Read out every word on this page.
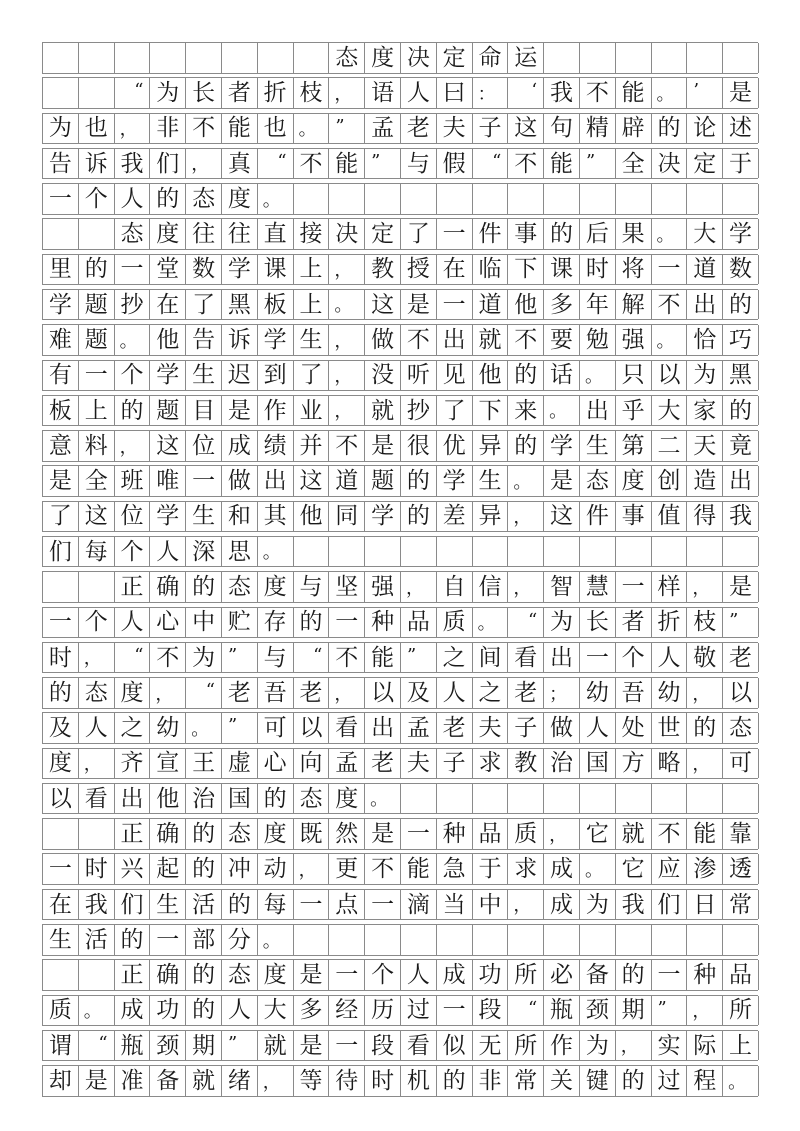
态 度 决 定 命 运
“ 为 长 者 折 枝 ， 语 人 曰 ：	‘ 我 不 能 。	’	是
为 也 ， 非 不 能 也 。	”	孟 老 夫 子 这 句 精 辟 的 论 述
告 诉 我 们 ， 真	“ 不 能 ”	与 假	“ 不 能 ”	全 决 定 于
一 个 人 的 态 度 。
态 度 往 往 直 接 决 定 了 一 件 事 的 后 果 。 大 学
里 的 一 堂 数 学 课 上 ， 教 授 在 临 下 课 时 将 一 道 数
学 题 抄 在 了 黑 板 上 。 这 是 一 道 他 多 年 解 不 出 的
难 题 。 他 告 诉 学 生 ， 做 不 出 就 不 要 勉 强 。 恰 巧
有 一 个 学 生 迟 到 了 ， 没 听 见 他 的 话 。 只 以 为 黑
板 上 的 题 目 是 作 业 ， 就 抄 了 下 来 。 出 乎 大 家 的
意 料 ， 这 位 成 绩 并 不 是 很 优 异 的 学 生 第 二 天 竟
是 全 班 唯 一 做 出 这 道 题 的 学 生 。 是 态 度 创 造 出
了 这 位 学 生 和 其 他 同 学 的 差 异 ， 这 件 事 值 得 我
们 每 个 人 深 思 。
正 确 的 态 度 与 坚 强 ， 自 信 ， 智 慧 一 样 ， 是
一 个 人 心 中 贮 存 的 一 种 品 质 。	“ 为 长 者 折 枝 ”
时 ，	“ 不 为 ”	与	“ 不 能 ”	之 间 看 出 一 个 人 敬 老
的 态 度 ，	“ 老 吾 老 ， 以 及 人 之 老 ； 幼 吾 幼 ， 以
及 人 之 幼 。	”	可 以 看 出 孟 老 夫 子 做 人 处 世 的 态
度 ， 齐 宣 王 虚 心 向 孟 老 夫 子 求 教 治 国 方 略 ， 可
以 看 出 他 治 国 的 态 度 。
正 确 的 态 度 既 然 是 一 种 品 质 ， 它 就 不 能 靠
一 时 兴 起 的 冲 动 ， 更 不 能 急 于 求 成 。 它 应 渗 透
在 我 们 生 活 的 每 一 点 一 滴 当 中 ， 成 为 我 们 日 常
生 活 的 一 部 分 。
正 确 的 态 度 是 一 个 人 成 功 所 必 备 的 一 种 品
质 。 成 功 的 人 大 多 经 历 过 一 段	“ 瓶 颈 期 ”	， 所
谓	“ 瓶 颈 期 ”	就 是 一 段 看 似 无 所 作 为 ， 实 际 上
却 是 准 备 就 绪 ， 等 待 时 机 的 非 常 关 键 的 过 程 。
